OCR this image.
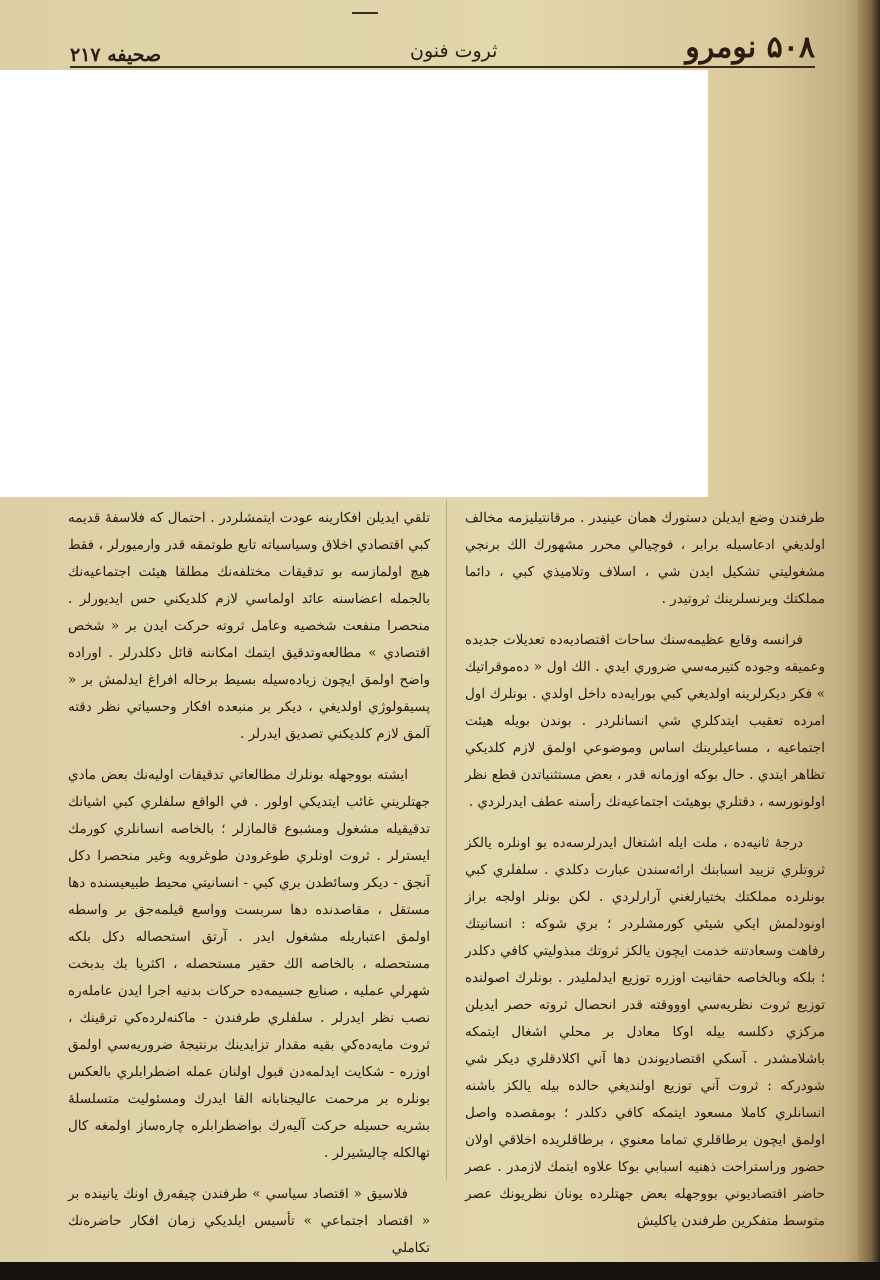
۵۰۸ نومرو
ثروت فنون
صحيفه ۲۱۷

طرفندن وضع ايديلن دستورك همان عينيدر . مرقانتيليزمه مخالف اولديغي ادعاسيله برابر ، فوچيالي محرر مشهورك الك برنجي مشغوليتي تشكيل ايدن شي ، اسلاف وتلاميذي كبي ، دائما مملكتك ويرنسلرينك ثروتيدر .

فرانسه وقايع عظيمه‌سنك ساحات اقتصاديه‌ده تعديلات جديده وعميقه وجوده كتيرمه‌سي ضروري ايدي . الك اول « ده‌موقراتيك » فكر ديكرلرينه اولديغي كبي بورايه‌ده داخل اولدي . بونلرك اول امرده تعقيب ايتدكلري شي انسانلردر . بوندن بويله هيئت اجتماعيه ، مساعيلرينك اساس وموضوعي اولمق لازم كلديكي تظاهر ايتدي . حال بوكه اوزمانه قدر ، بعض مستثنياتدن قطع نظر اولونورسه ، دقتلري بوهيئت اجتماعيه‌نك رأسنه عطف ايدرلردي .

درجهٔ ثانيه‌ده ، ملت ايله اشتغال ايدرلرسه‌ده بو اونلره يالكز ثروتلري تزييد اسبابنك ارائه‌سندن عبارت دكلدي . سلفلري كبي بونلرده مملكتك بختيارلغني آرارلردي . لكن بونلر اولجه براز اونودلمش ايكي شيئي كورمشلردر ؛ بري شوكه : انسانيتك رفاهت وسعادتنه خدمت ايچون يالكز ثروتك مبذولیتي كافي دكلدر ؛ بلكه وبالخاصه حقانيت اوزره توزيع ايدلمليدر . بونلرك اصولنده توزيع ثروت نظريه‌سي اوووقته قدر انحصال ثروته حصر ايديلن مركزي دكلسه بيله اوكا معادل بر محلي اشغال ايتمكه باشلامشدر . آسكي اقتصاديوندن دها آني اكلادقلري ديكر شي شودركه : ثروت آني توزيع اولنديغي حالده بيله يالكز باشنه انسانلري كاملا مسعود ايتمكه كافي دكلدر ؛ بومقصده واصل اولمق ايچون برطاقلري تماما معنوي ، برطاقلريده اخلاقي اولان حضور وراستراحت ذهنيه اسبابي بوكا علاوه ايتمك لازمدر . عصر حاضر اقتصاديوني بووجهله بعض جهتلرده يونان نظريونك عصر متوسط متفكرين طرفندن ياكليش

تلقي ايديلن افكارينه عودت ايتمشلردر . احتمال كه فلاسفهٔ قديمه كبي اقتصادي اخلاق وسياسياته تابع طوتمقه قدر وارميورلر ، فقط هيچ اولمازسه بو تدقيقات مختلفه‌نك مطلقا هيئت اجتماعيه‌نك بالجمله اعضاسنه عائد اولماسي لازم كلديكني حس ايديورلر . منحصرا منفعت شخصيه وعامل ثروته حركت ايدن بر « شخص اقتصادي » مطالعه‌وتدقيق ايتمك امكاننه قائل دكلدرلر . اوراده واضح اولمق ايچون زياده‌سيله بسيط برحاله افراغ ايدلمش بر « پسيقولوژي اولديغي ، ديكر بر منبعده افكار وحسياتي نظر دقته آلمق لازم كلديكني تصديق ايدرلر .

ايشته بووجهله بونلرك مطالعاتي تدقيقات اوليه‌نك بعض مادي جهتلريني غائب ايتديكي اولور . في الواقع سلفلري كبي اشيانك تدقيقيله مشغول ومشبوع قالمازلر ؛ بالخاصه انسانلري كورمك ايسترلر . ثروت اونلري طوغرودن طوغرويه وغير منحصرا دكل آنجق - ديكر وسائطدن بري كبي - انسانيتي محيط طبيعيسنده دها مستقل ، مقاصدنده دها سربست وواسع قيلمه‌جق بر واسطه اولمق اعتباريله مشغول ايدر . آرتق استحصاله دكل بلكه مستحصله ، بالخاصه الك حقير مستحصله ، اكثريا بك بدبخت شهرلي عمليه ، صنايع جسيمه‌ده حركات بدنيه اجرا ايدن عامله‌ره نصب نظر ايدرلر . سلفلري طرفندن - ماكنه‌لرده‌كي ترقينك ، ثروت مايه‌ده‌كي بقيه مقدار تزايدينك برنتيجهٔ ضروريه‌سي اولمق اوزره - شكايت ايدلمه‌دن قبول اولنان عمله اضطرابلري بالعكس بونلره بر مرحمت عالیجنابانه القا ايدرك ومسئوليت متسلسلهٔ بشريه حسيله حركت آليه‌رك بواضطرابلره چاره‌ساز اولمغه كال تهالكله چاليشيرلر .

فلاسيق « اقتصاد سياسي » طرفندن چيقه‌رق اونك يانينده بر « اقتصاد اجتماعي » تأسيس ايلديكي زمان افكار حاضره‌نك تكاملي
